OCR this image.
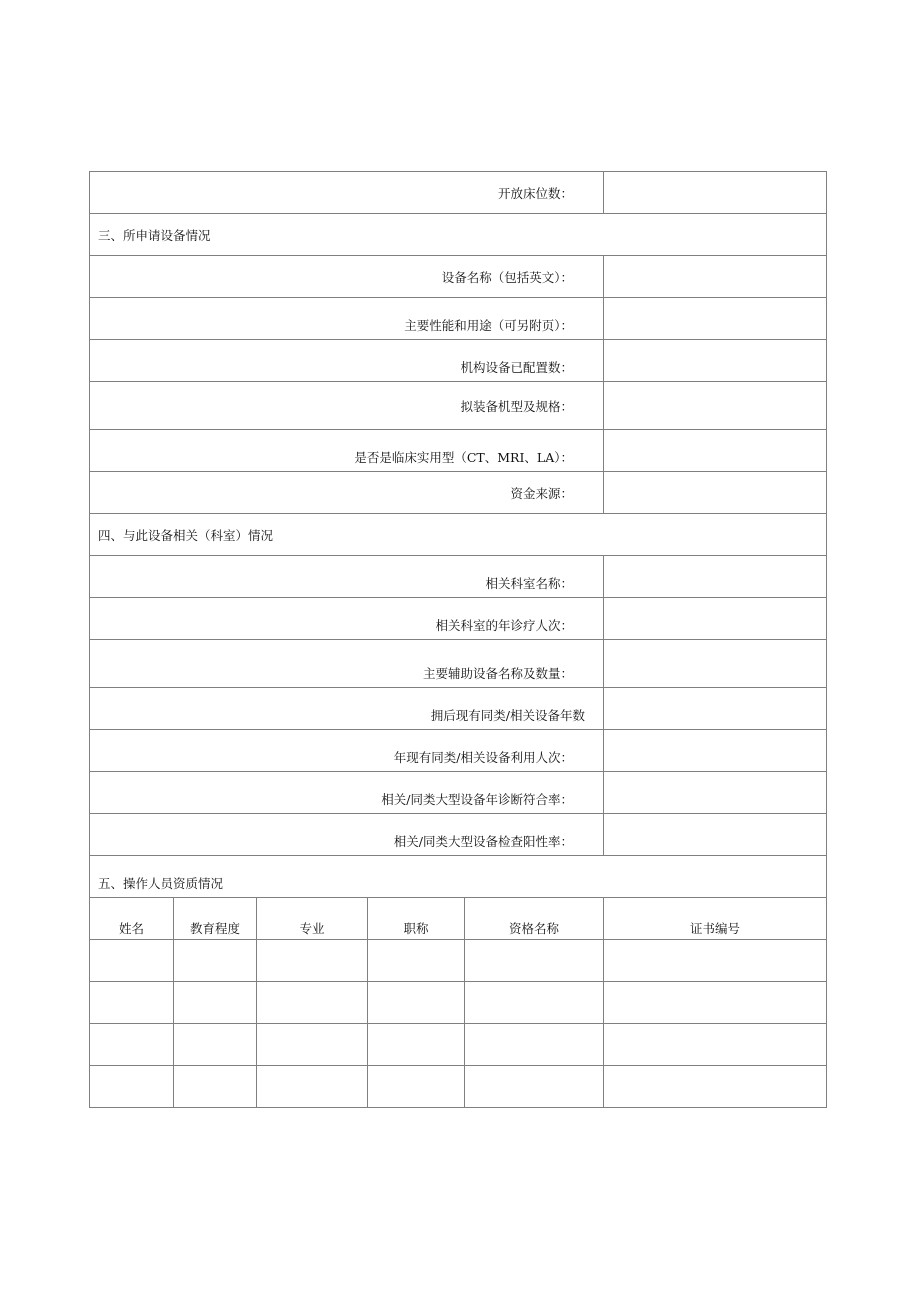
开放床位数：					
三、所申请设备情况					
设备名称（包括英文）：					
主要性能和用途（可另附页）：					
机构设备已配置数：					
拟装备机型及规格：					
是否是临床实用型（CT、MRI、LA）：					
资金来源：					
四、与此设备相关（科室）情况					
相关科室名称：					
相关科室的年诊疗人次：					
主要辅助设备名称及数量：					
拥后现有同类/相关设备年数					
年现有同类/相关设备利用人次：					
相关/同类大型设备年诊断符合率：					
相关/同类大型设备检查阳性率：					
五、操作人员资质情况					
姓名	教育程度	专业	职称	资格名称	证书编号
